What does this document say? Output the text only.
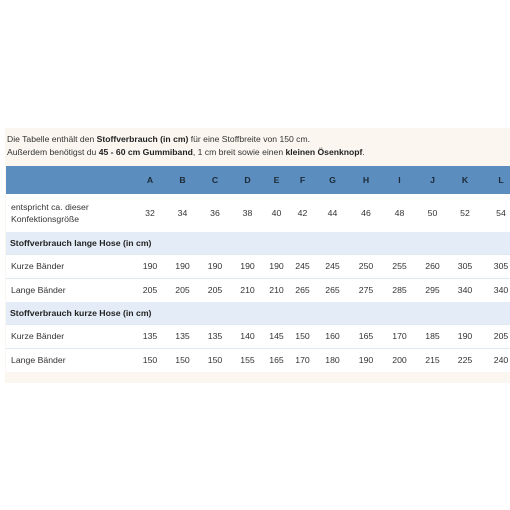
Die Tabelle enthält den Stoffverbrauch (in cm) für eine Stoffbreite von 150 cm.
Außerdem benötigst du 45 - 60 cm Gummiband, 1 cm breit sowie einen kleinen Ösenknopf.
	A	B	C	D	E	F	G	H	I	J	K	L

entspricht ca. dieser
Konfektionsgröße	32	34	36	38	40	42	44	46	48	50	52	54
Stoffverbrauch lange Hose (in cm)												
Kurze Bänder	190	190	190	190	190	245	245	250	255	260	305	305
Lange Bänder	205	205	205	210	210	265	265	275	285	295	340	340
Stoffverbrauch kurze Hose (in cm)												
Kurze Bänder	135	135	135	140	145	150	160	165	170	185	190	205
Lange Bänder	150	150	150	155	165	170	180	190	200	215	225	240
